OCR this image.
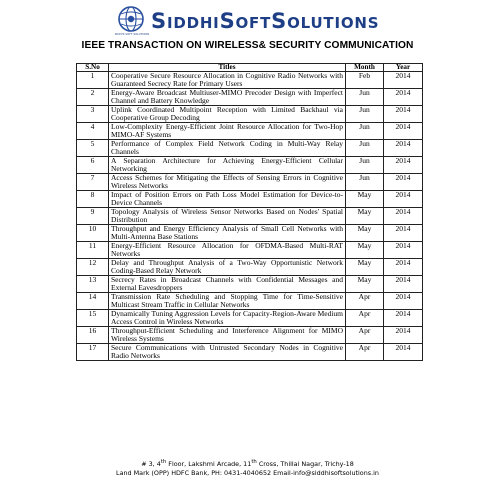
SIDDHI SOFT SOLUTIONS
SIDDHISOFTSOLUTIONS
IEEE TRANSACTION ON WIRELESS& SECURITY COMMUNICATION
S.No	Titles	Month	Year
1	Cooperative Secure Resource Allocation in Cognitive Radio Networks with Guaranteed Secrecy Rate for Primary Users	Feb	2014
2	Energy-Aware Broadcast Multiuser-MIMO Precoder Design with Imperfect Channel and Battery Knowledge	Jun	2014
3	Uplink Coordinated Multipoint Reception with Limited Backhaul via Cooperative Group Decoding	Jun	2014
4	Low-Complexity Energy-Efficient Joint Resource Allocation for Two-Hop MIMO-AF Systems	Jun	2014
5	Performance of Complex Field Network Coding in Multi-Way Relay Channels	Jun	2014
6	A Separation Architecture for Achieving Energy-Efficient Cellular Networking	Jun	2014
7	Access Schemes for Mitigating the Effects of Sensing Errors in Cognitive Wireless Networks	Jun	2014
8	Impact of Position Errors on Path Loss Model Estimation for Device-to-Device Channels	May	2014
9	Topology Analysis of Wireless Sensor Networks Based on Nodes' Spatial Distribution	May	2014
10	Throughput and Energy Efficiency Analysis of Small Cell Networks with Multi-Antenna Base Stations	May	2014
11	Energy-Efficient Resource Allocation for OFDMA-Based Multi-RAT Networks	May	2014
12	Delay and Throughput Analysis of a Two-Way Opportunistic Network Coding-Based Relay Network	May	2014
13	Secrecy Rates in Broadcast Channels with Confidential Messages and External Eavesdroppers	May	2014
14	Transmission Rate Scheduling and Stopping Time for Time-Sensitive Multicast Stream Traffic in Cellular Networks	Apr	2014
15	Dynamically Tuning Aggression Levels for Capacity-Region-Aware Medium Access Control in Wireless Networks	Apr	2014
16	Throughput-Efficient Scheduling and Interference Alignment for MIMO Wireless Systems	Apr	2014
17	Secure Communications with Untrusted Secondary Nodes in Cognitive Radio Networks	Apr	2014
# 3, 4th Floor, Lakshmi Arcade, 11th Cross, Thillai Nagar, Trichy-18
Land Mark (OPP) HDFC Bank, PH: 0431-4040652 Email-info@siddhisoftsolutions.in
